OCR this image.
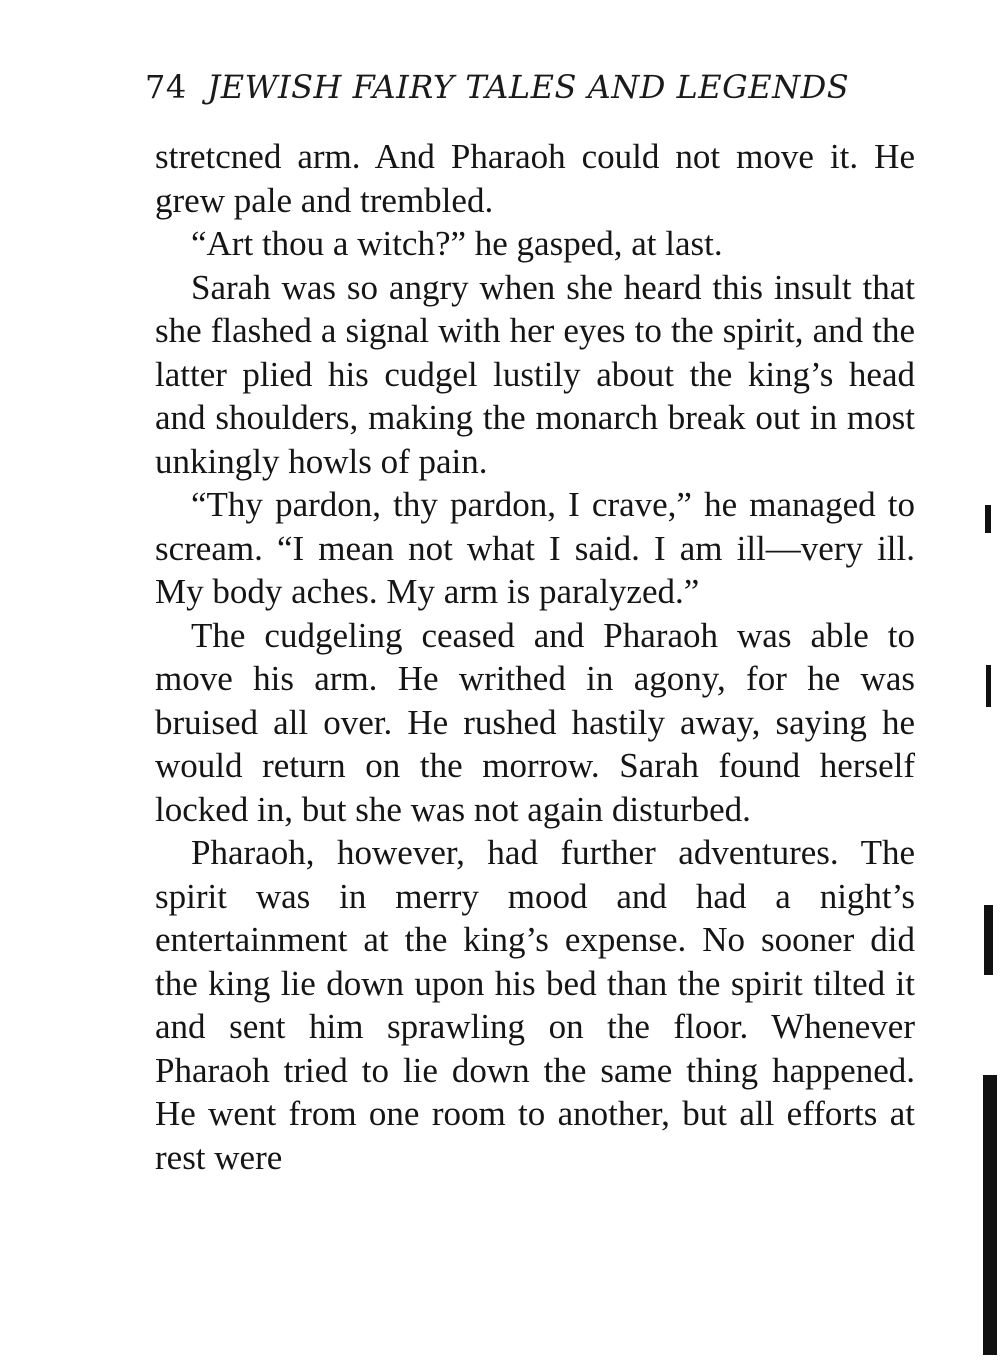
74 JEWISH FAIRY TALES AND LEGENDS

stretcned arm. And Pharaoh could not move it. He grew pale and trembled.

“Art thou a witch?” he gasped, at last.

Sarah was so angry when she heard this insult that she flashed a signal with her eyes to the spirit, and the latter plied his cudgel lustily about the king’s head and shoulders, making the monarch break out in most unkingly howls of pain.

“Thy pardon, thy pardon, I crave,” he managed to scream. “I mean not what I said. I am ill—very ill. My body aches. My arm is paralyzed.”

The cudgeling ceased and Pharaoh was able to move his arm. He writhed in agony, for he was bruised all over. He rushed hastily away, saying he would return on the morrow. Sarah found herself locked in, but she was not again disturbed.

Pharaoh, however, had further adventures. The spirit was in merry mood and had a night’s entertainment at the king’s expense. No sooner did the king lie down upon his bed than the spirit tilted it and sent him sprawling on the floor. Whenever Pharaoh tried to lie down the same thing happened. He went from one room to another, but all efforts at rest were
